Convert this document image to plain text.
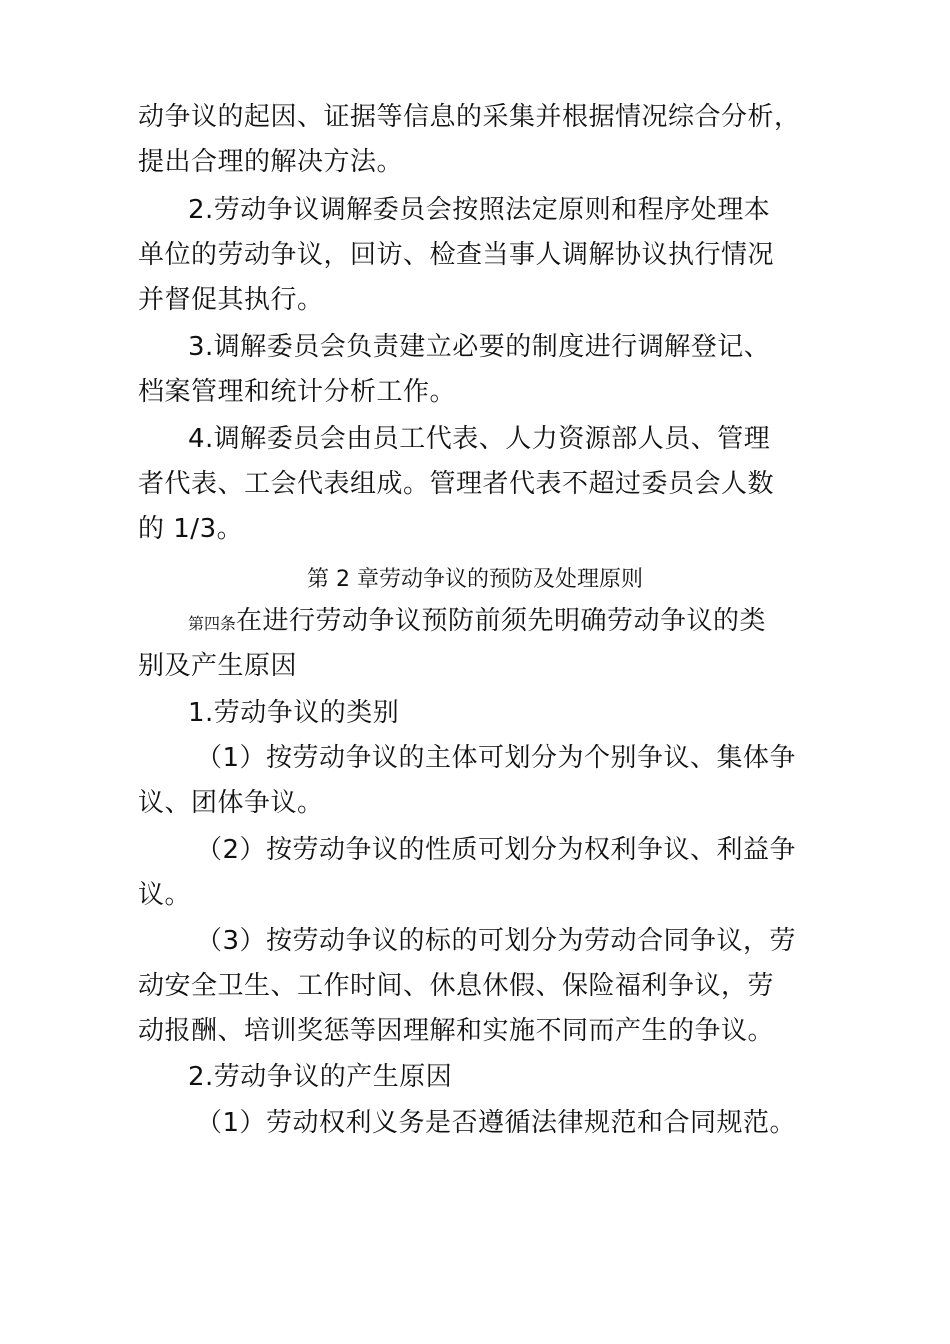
动争议的起因、证据等信息的采集并根据情况综合分析，
提出合理的解决方法。
2.劳动争议调解委员会按照法定原则和程序处理本
单位的劳动争议，回访、检查当事人调解协议执行情况
并督促其执行。
3.调解委员会负责建立必要的制度进行调解登记、
档案管理和统计分析工作。
4.调解委员会由员工代表、人力资源部人员、管理
者代表、工会代表组成。管理者代表不超过委员会人数
的 1/3。
第 2 章劳动争议的预防及处理原则
第四条在进行劳动争议预防前须先明确劳动争议的类
别及产生原因
1.劳动争议的类别
（1）按劳动争议的主体可划分为个别争议、集体争
议、团体争议。
（2）按劳动争议的性质可划分为权利争议、利益争
议。
（3）按劳动争议的标的可划分为劳动合同争议，劳
动安全卫生、工作时间、休息休假、保险福利争议，劳
动报酬、培训奖惩等因理解和实施不同而产生的争议。
2.劳动争议的产生原因
（1）劳动权利义务是否遵循法律规范和合同规范。
